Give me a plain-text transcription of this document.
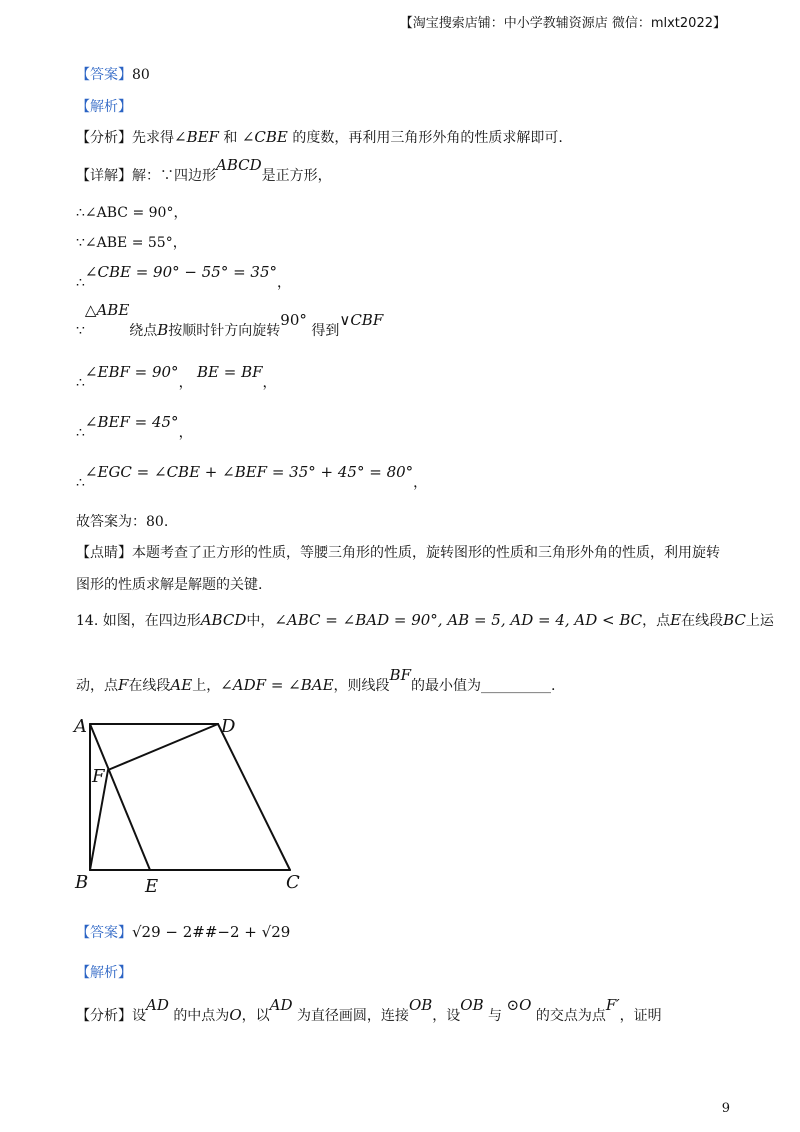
【淘宝搜索店铺：中小学教辅资源店 微信：mlxt2022】
【答案】80
【解析】
【分析】先求得∠BEF 和 ∠CBE 的度数，再利用三角形外角的性质求解即可.
【详解】解：∵四边形ABCD是正方形，
∴∠ABC = 90°，
∵∠ABE = 55°，
∴∠CBE = 90° − 55° = 35°，
∵△ABE绕点B按顺时针方向旋转90° 得到∨CBF
∴∠EBF = 90°， BE = BF，
∴∠BEF = 45°，
∴∠EGC = ∠CBE + ∠BEF = 35° + 45° = 80°，
故答案为：80.
【点睛】本题考查了正方形的性质，等腰三角形的性质，旋转图形的性质和三角形外角的性质，利用旋转
图形的性质求解是解题的关键.
14. 如图，在四边形ABCD中，∠ABC = ∠BAD = 90°, AB = 5, AD = 4, AD < BC，点E在线段BC上运
动，点F在线段AE上，∠ADF = ∠BAE，则线段BF的最小值为__________.
A	D
F
B	E	C
【答案】√29 − 2##−2 + √29
【解析】
【分析】设AD 的中点为O，以AD 为直径画圆，连接OB，设OB 与 ⊙O 的交点为点F′，证明
9
